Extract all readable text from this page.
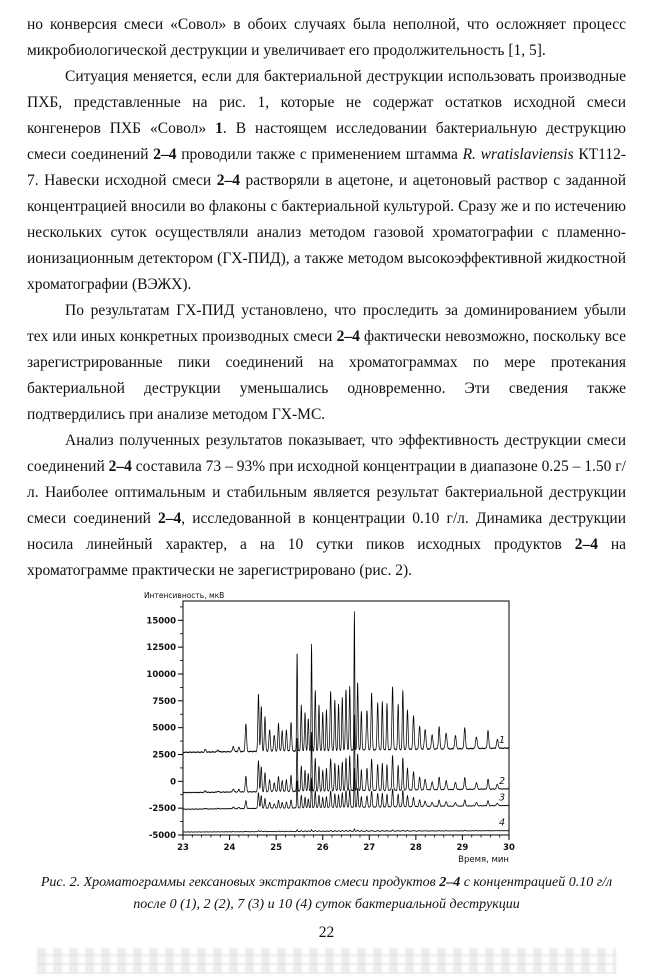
но конверсия смеси «Совол» в обоих случаях была неполной, что осложняет процесс микробиологической деструкции и увеличивает его продолжительность [1, 5].

Ситуация меняется, если для бактериальной деструкции использовать производные ПХБ, представленные на рис. 1, которые не содержат остатков исходной смеси конгенеров ПХБ «Совол» 1. В настоящем исследовании бактериальную деструкцию смеси соединений 2–4 проводили также с применением штамма R. wratislaviensis КТ112-7. Навески исходной смеси 2–4 растворяли в ацетоне, и ацетоновый раствор с заданной концентрацией вносили во флаконы с бактериальной культурой. Сразу же и по истечению нескольких суток осуществляли анализ методом газовой хроматографии с пламенно-ионизационным детектором (ГХ-ПИД), а также методом высокоэффективной жидкостной хроматографии (ВЭЖХ).

По результатам ГХ-ПИД установлено, что проследить за доминированием убыли тех или иных конкретных производных смеси 2–4 фактически невозможно, поскольку все зарегистрированные пики соединений на хроматограммах по мере протекания бактериальной деструкции уменьшались одновременно. Эти сведения также подтвердились при анализе методом ГХ-МС.

Анализ полученных результатов показывает, что эффективность деструкции смеси соединений 2–4 составила 73 – 93% при исходной концентрации в диапазоне 0.25 – 1.50 г/л. Наиболее оптимальным и стабильным является результат бактериальной деструкции смеси соединений 2–4, исследованной в концентрации 0.10 г/л. Динамика деструкции носила линейный характер, а на 10 сутки пиков исходных продуктов 2–4 на хроматограмме практически не зарегистрировано (рис. 2).

-5000
-2500
0
2500
5000
7500
10000
12500
15000
23	24	25	26	27	28	29	30
Интенсивность, мкВ
Время, мин
1
2
3
4
Рис. 2. Хроматограммы гексановых экстрактов смеси продуктов 2–4 с концентрацией 0.10 г/л после 0 (1), 2 (2), 7 (3) и 10 (4) суток бактериальной деструкции
22
